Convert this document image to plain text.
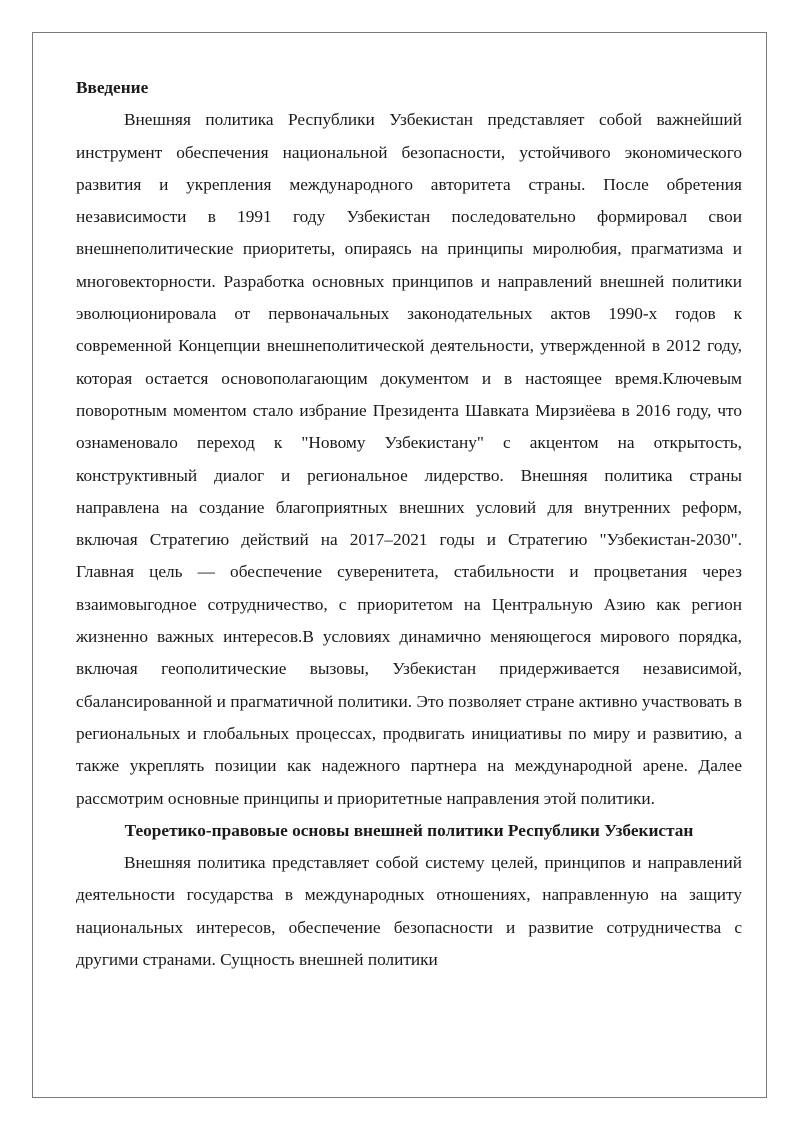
Введение

Внешняя политика Республики Узбекистан представляет собой важнейший инструмент обеспечения национальной безопасности, устойчивого экономического развития и укрепления международного авторитета страны. После обретения независимости в 1991 году Узбекистан последовательно формировал свои внешнеполитические приоритеты, опираясь на принципы миролюбия, прагматизма и многовекторности. Разработка основных принципов и направлений внешней политики эволюционировала от первоначальных законодательных актов 1990-х годов к современной Концепции внешнеполитической деятельности, утвержденной в 2012 году, которая остается основополагающим документом и в настоящее время.Ключевым поворотным моментом стало избрание Президента Шавката Мирзиёева в 2016 году, что ознаменовало переход к "Новому Узбекистану" с акцентом на открытость, конструктивный диалог и региональное лидерство. Внешняя политика страны направлена на создание благоприятных внешних условий для внутренних реформ, включая Стратегию действий на 2017–2021 годы и Стратегию "Узбекистан-2030". Главная цель — обеспечение суверенитета, стабильности и процветания через взаимовыгодное сотрудничество, с приоритетом на Центральную Азию как регион жизненно важных интересов.В условиях динамично меняющегося мирового порядка, включая геополитические вызовы, Узбекистан придерживается независимой, сбалансированной и прагматичной политики. Это позволяет стране активно участвовать в региональных и глобальных процессах, продвигать инициативы по миру и развитию, а также укреплять позиции как надежного партнера на международной арене. Далее рассмотрим основные принципы и приоритетные направления этой политики.

Теоретико-правовые основы внешней политики Республики Узбекистан

Внешняя политика представляет собой систему целей, принципов и направлений деятельности государства в международных отношениях, направленную на защиту национальных интересов, обеспечение безопасности и развитие сотрудничества с другими странами. Сущность внешней политики
